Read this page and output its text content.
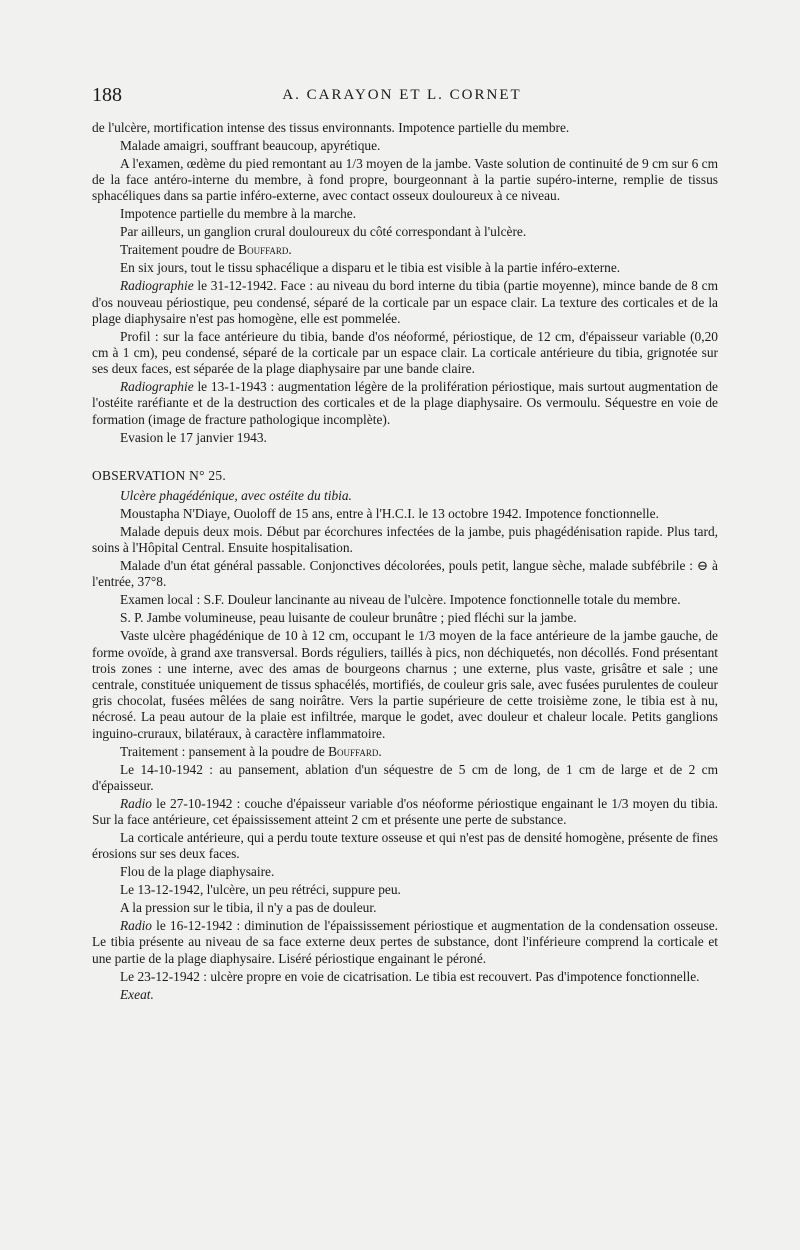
188	A. CARAYON ET L. CORNET

de l'ulcère, mortification intense des tissus environnants. Impotence partielle du membre.

Malade amaigri, souffrant beaucoup, apyrétique.

A l'examen, œdème du pied remontant au 1/3 moyen de la jambe. Vaste solution de continuité de 9 cm sur 6 cm de la face antéro-interne du membre, à fond propre, bourgeonnant à la partie supéro-interne, remplie de tissus sphacéliques dans sa partie inféro-externe, avec contact osseux douloureux à ce niveau.

Impotence partielle du membre à la marche.

Par ailleurs, un ganglion crural douloureux du côté correspondant à l'ulcère.

Traitement poudre de Bouffard.

En six jours, tout le tissu sphacélique a disparu et le tibia est visible à la partie inféro-externe.

Radiographie le 31-12-1942. Face : au niveau du bord interne du tibia (partie moyenne), mince bande de 8 cm d'os nouveau périostique, peu condensé, séparé de la corticale par un espace clair. La texture des corticales et de la plage diaphysaire n'est pas homogène, elle est pommelée.

Profil : sur la face antérieure du tibia, bande d'os néoformé, périostique, de 12 cm, d'épaisseur variable (0,20 cm à 1 cm), peu condensé, séparé de la corticale par un espace clair. La corticale antérieure du tibia, grignotée sur ses deux faces, est séparée de la plage diaphysaire par une bande claire.

Radiographie le 13-1-1943 : augmentation légère de la prolifération périostique, mais surtout augmentation de l'ostéite raréfiante et de la destruction des corticales et de la plage diaphysaire. Os vermoulu. Séquestre en voie de formation (image de fracture pathologique incomplète).

Evasion le 17 janvier 1943.

OBSERVATION N° 25.

Ulcère phagédénique, avec ostéite du tibia.

Moustapha N'Diaye, Ouoloff de 15 ans, entre à l'H.C.I. le 13 octobre 1942. Impotence fonctionnelle.

Malade depuis deux mois. Début par écorchures infectées de la jambe, puis phagédénisation rapide. Plus tard, soins à l'Hôpital Central. Ensuite hospitalisation.

Malade d'un état général passable. Conjonctives décolorées, pouls petit, langue sèche, malade subfébrile : ⊖ à l'entrée, 37°8.

Examen local : S.F. Douleur lancinante au niveau de l'ulcère. Impotence fonctionnelle totale du membre.

S. P. Jambe volumineuse, peau luisante de couleur brunâtre ; pied fléchi sur la jambe.

Vaste ulcère phagédénique de 10 à 12 cm, occupant le 1/3 moyen de la face antérieure de la jambe gauche, de forme ovoïde, à grand axe transversal. Bords réguliers, taillés à pics, non déchiquetés, non décollés. Fond présentant trois zones : une interne, avec des amas de bourgeons charnus ; une externe, plus vaste, grisâtre et sale ; une centrale, constituée uniquement de tissus sphacélés, mortifiés, de couleur gris sale, avec fusées purulentes de couleur gris chocolat, fusées mêlées de sang noirâtre. Vers la partie supérieure de cette troisième zone, le tibia est à nu, nécrosé. La peau autour de la plaie est infiltrée, marque le godet, avec douleur et chaleur locale. Petits ganglions inguino-cruraux, bilatéraux, à caractère inflammatoire.

Traitement : pansement à la poudre de Bouffard.

Le 14-10-1942 : au pansement, ablation d'un séquestre de 5 cm de long, de 1 cm de large et de 2 cm d'épaisseur.

Radio le 27-10-1942 : couche d'épaisseur variable d'os néoforme périostique engainant le 1/3 moyen du tibia. Sur la face antérieure, cet épaississement atteint 2 cm et présente une perte de substance.

La corticale antérieure, qui a perdu toute texture osseuse et qui n'est pas de densité homogène, présente de fines érosions sur ses deux faces.

Flou de la plage diaphysaire.

Le 13-12-1942, l'ulcère, un peu rétréci, suppure peu.

A la pression sur le tibia, il n'y a pas de douleur.

Radio le 16-12-1942 : diminution de l'épaississement périostique et augmentation de la condensation osseuse. Le tibia présente au niveau de sa face externe deux pertes de substance, dont l'inférieure comprend la corticale et une partie de la plage diaphysaire. Liséré périostique engainant le péroné.

Le 23-12-1942 : ulcère propre en voie de cicatrisation. Le tibia est recouvert. Pas d'impotence fonctionnelle.

Exeat.
